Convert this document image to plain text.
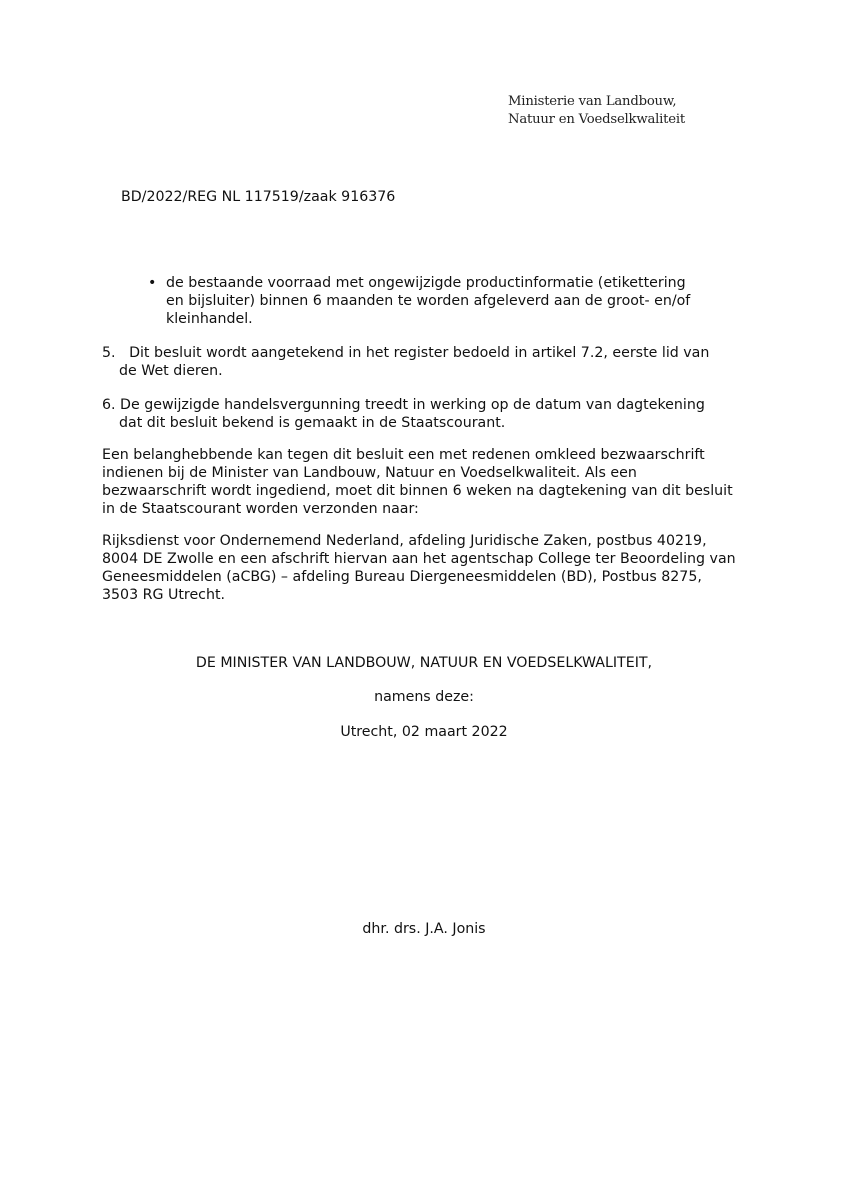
Ministerie van Landbouw,
Natuur en Voedselkwaliteit
BD/2022/REG NL 117519/zaak 916376
• de bestaande voorraad met ongewijzigde productinformatie (etikettering
en bijsluiter) binnen 6 maanden te worden afgeleverd aan de groot- en/of
kleinhandel.
5.   Dit besluit wordt aangetekend in het register bedoeld in artikel 7.2, eerste lid van
de Wet dieren.
6. De gewijzigde handelsvergunning treedt in werking op de datum van dagtekening
dat dit besluit bekend is gemaakt in de Staatscourant.
Een belanghebbende kan tegen dit besluit een met redenen omkleed bezwaarschrift
indienen bij de Minister van Landbouw, Natuur en Voedselkwaliteit. Als een
bezwaarschrift wordt ingediend, moet dit binnen 6 weken na dagtekening van dit besluit
in de Staatscourant worden verzonden naar:
Rijksdienst voor Ondernemend Nederland, afdeling Juridische Zaken, postbus 40219,
8004 DE Zwolle en een afschrift hiervan aan het agentschap College ter Beoordeling van
Geneesmiddelen (aCBG) – afdeling Bureau Diergeneesmiddelen (BD), Postbus 8275,
3503 RG Utrecht.
DE MINISTER VAN LANDBOUW, NATUUR EN VOEDSELKWALITEIT,
namens deze:
Utrecht, 02 maart 2022
dhr. drs. J.A. Jonis
